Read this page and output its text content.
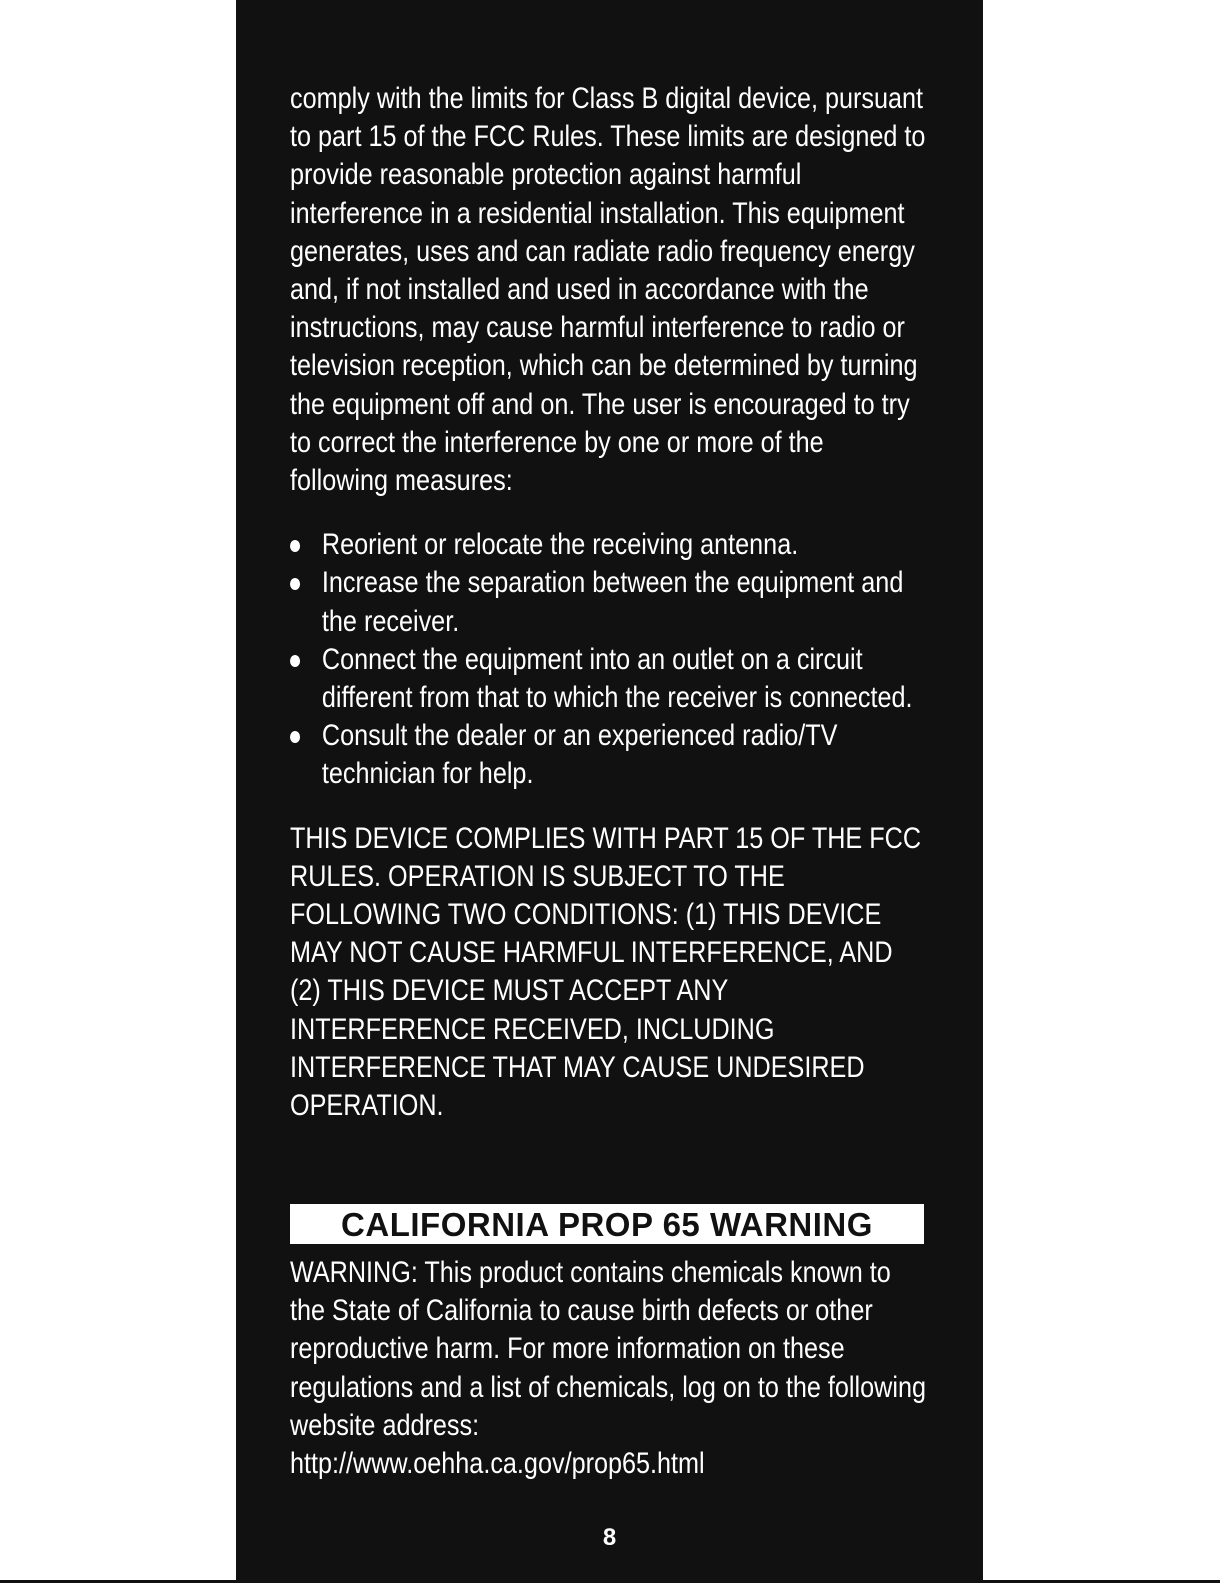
comply with the limits for Class B digital device, pursuant to part 15 of the FCC Rules. These limits are designed to provide reasonable protection against harmful interference in a residential installation. This equipment generates, uses and can radiate radio frequency energy and, if not installed and used in accordance with the instructions, may cause harmful interference to radio or television reception, which can be determined by turning the equipment off and on. The user is encouraged to try to correct the interference by one or more of the following measures:

Reorient or relocate the receiving antenna.
Increase the separation between the equipment and the receiver.
Connect the equipment into an outlet on a circuit different from that to which the receiver is connected.
Consult the dealer or an experienced radio/TV technician for help.

THIS DEVICE COMPLIES WITH PART 15 OF THE FCC RULES. OPERATION IS SUBJECT TO THE FOLLOWING TWO CONDITIONS: (1) THIS DEVICE MAY NOT CAUSE HARMFUL INTERFERENCE, AND (2) THIS DEVICE MUST ACCEPT ANY INTERFERENCE RECEIVED, INCLUDING INTERFERENCE THAT MAY CAUSE UNDESIRED OPERATION.

CALIFORNIA PROP 65 WARNING

WARNING: This product contains chemicals known to the State of California to cause birth defects or other reproductive harm. For more information on these regulations and a list of chemicals, log on to the following website address:

http://www.oehha.ca.gov/prop65.html

8
